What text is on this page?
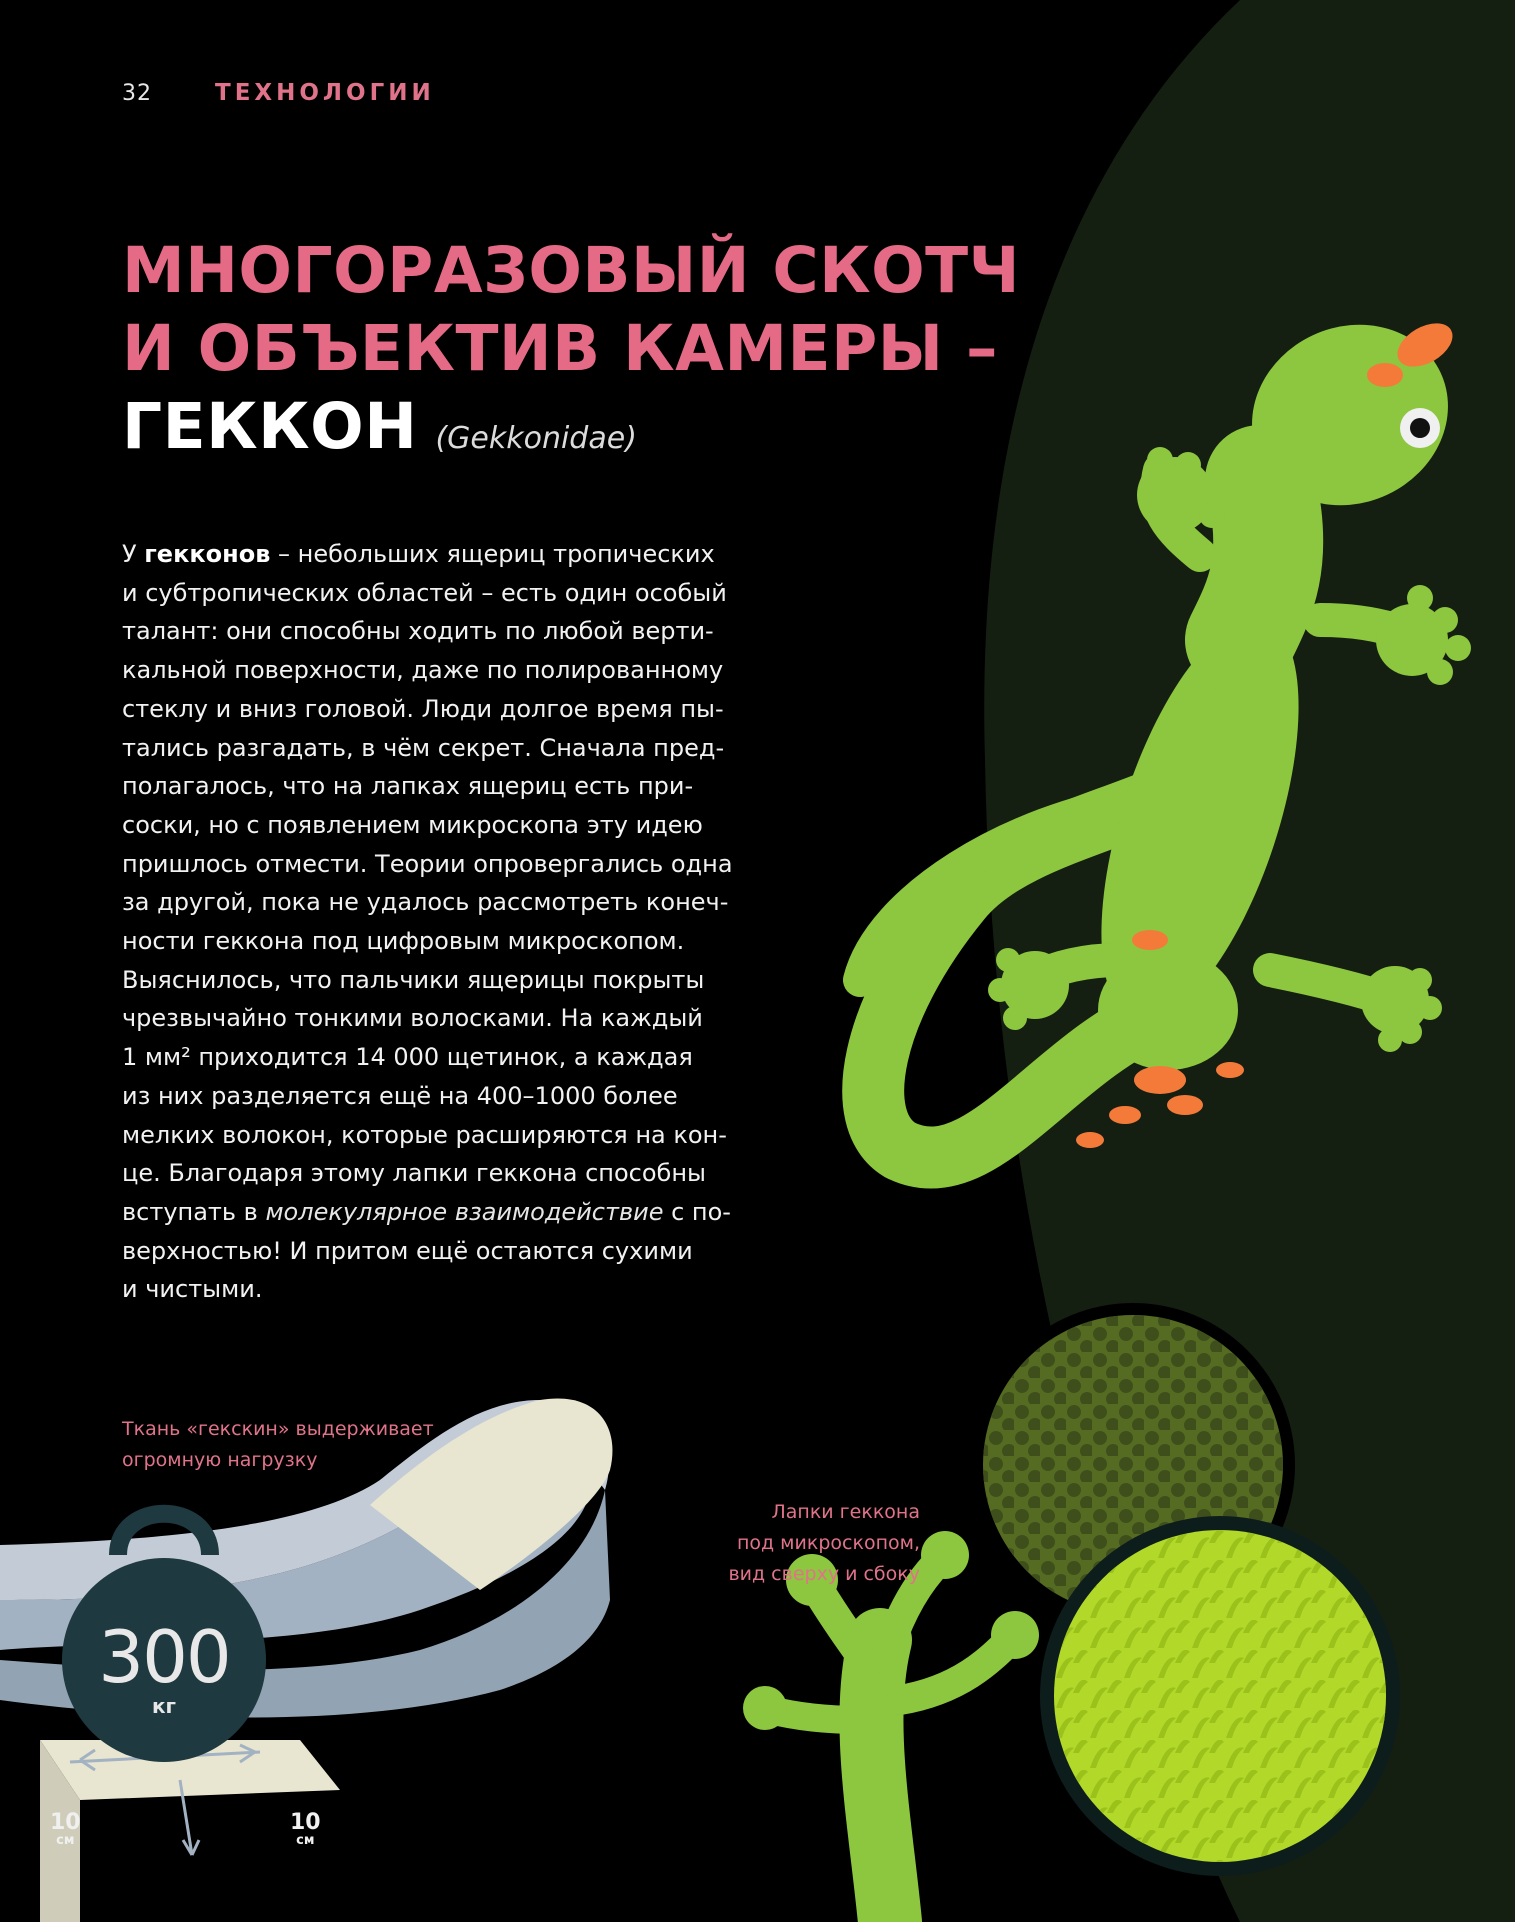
32	ТЕХНОЛОГИИ
МНОГОРАЗОВЫЙ СКОТЧ
И ОБЪЕКТИВ КАМЕРЫ –
ГЕККОН (Gekkonidae)
У гекконов – небольших ящериц тропических
и субтропических областей – есть один особый
талант: они способны ходить по любой верти-
кальной поверхности, даже по полированному
стеклу и вниз головой. Люди долгое время пы-
тались разгадать, в чём секрет. Сначала пред-
полагалось, что на лапках ящериц есть при-
соски, но с появлением микроскопа эту идею
пришлось отмести. Теории опровергались одна
за другой, пока не удалось рассмотреть конеч-
ности геккона под цифровым микроскопом.
Выяснилось, что пальчики ящерицы покрыты
чрезвычайно тонкими волосками. На каждый
1 мм² приходится 14 000 щетинок, а каждая
из них разделяется ещё на 400–1000 более
мелких волокон, которые расширяются на кон-
це. Благодаря этому лапки геккона способны
вступать в молекулярное взаимодействие с по-
верхностью! И притом ещё остаются сухими
и чистыми.
Ткань «гекскин» выдерживает
огромную нагрузку
Лапки геккона
под микроскопом,
вид сверху и сбоку
300
кг
10
см
10
см
